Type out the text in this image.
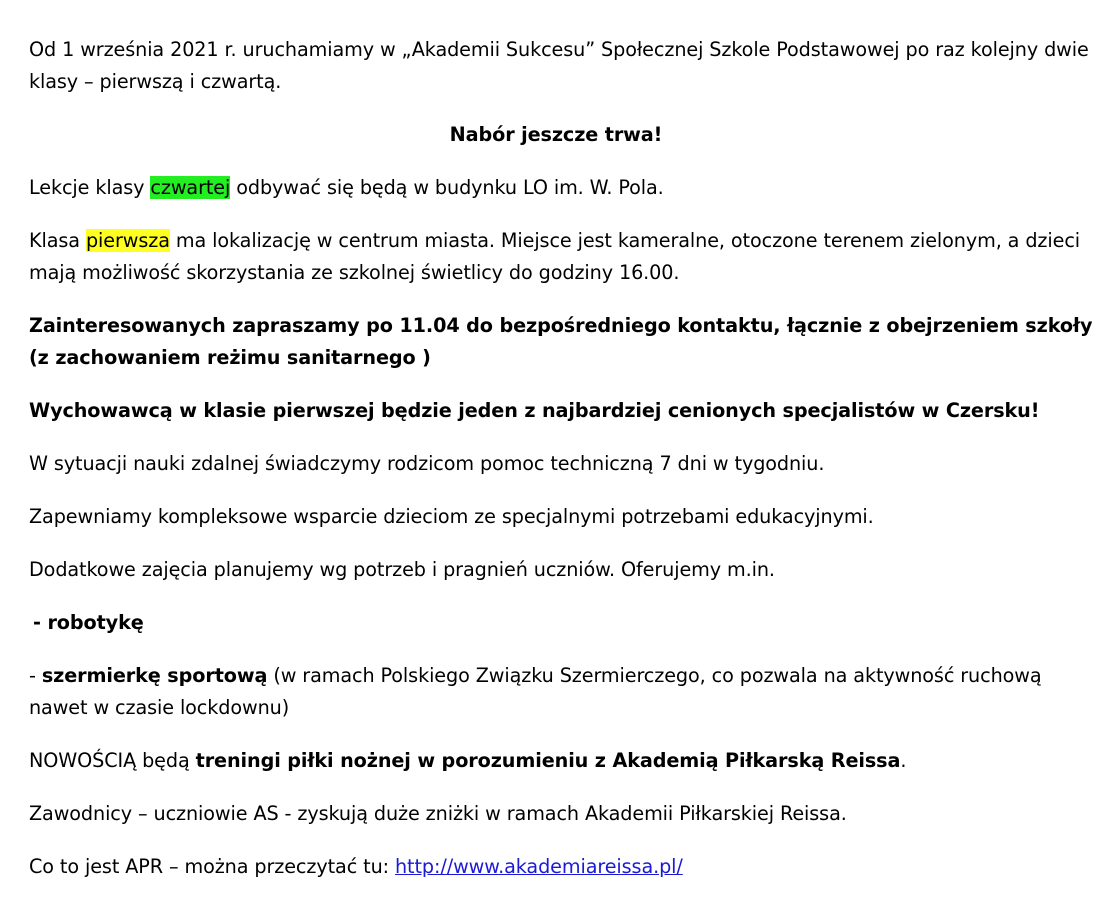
Od 1 września 2021 r. uruchamiamy w „Akademii Sukcesu” Społecznej Szkole Podstawowej po raz kolejny dwie klasy – pierwszą i czwartą.

Nabór jeszcze trwa!

Lekcje klasy czwartej odbywać się będą w budynku LO im. W. Pola.

Klasa pierwsza ma lokalizację w centrum miasta. Miejsce jest kameralne, otoczone terenem zielonym, a dzieci mają możliwość skorzystania ze szkolnej świetlicy do godziny 16.00.

Zainteresowanych zapraszamy po 11.04 do bezpośredniego kontaktu, łącznie z obejrzeniem szkoły (z zachowaniem reżimu sanitarnego )

Wychowawcą w klasie pierwszej będzie jeden z najbardziej cenionych specjalistów w Czersku!

W sytuacji nauki zdalnej świadczymy rodzicom pomoc techniczną 7 dni w tygodniu.

Zapewniamy kompleksowe wsparcie dzieciom ze specjalnymi potrzebami edukacyjnymi.

Dodatkowe zajęcia planujemy wg potrzeb i pragnień uczniów. Oferujemy m.in.

- robotykę

- szermierkę sportową (w ramach Polskiego Związku Szermierczego, co pozwala na aktywność ruchową nawet w czasie lockdownu)

NOWOŚCIĄ będą treningi piłki nożnej w porozumieniu z Akademią Piłkarską Reissa.

Zawodnicy – uczniowie AS - zyskują duże zniżki w ramach Akademii Piłkarskiej Reissa.

Co to jest APR – można przeczytać tu: http://www.akademiareissa.pl/
